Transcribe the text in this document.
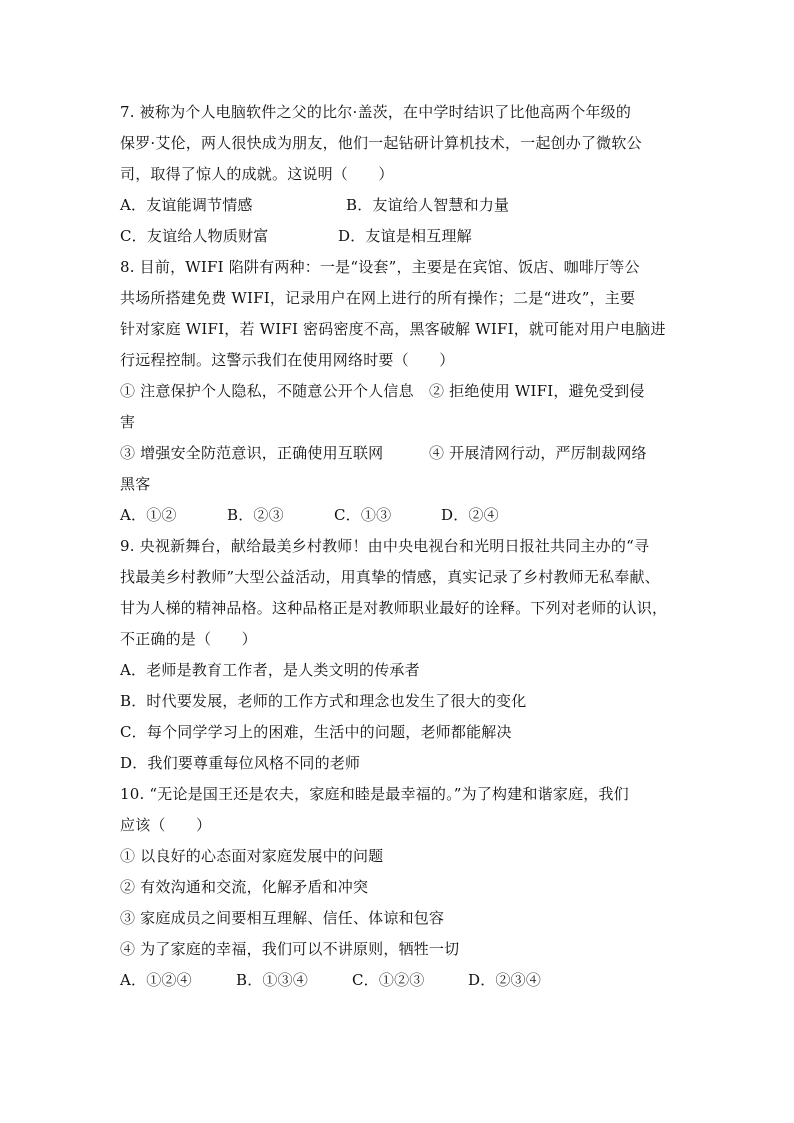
7. 被称为个人电脑软件之父的比尔·盖茨，在中学时结识了比他高两个年级的
保罗·艾伦，两人很快成为朋友，他们一起钻研计算机技术，一起创办了微软公
司，取得了惊人的成就。这说明（　　）
A．友谊能调节情感	B．友谊给人智慧和力量
C．友谊给人物质财富	D．友谊是相互理解
8. 目前，WIFI 陷阱有两种：一是“设套”，主要是在宾馆、饭店、咖啡厅等公
共场所搭建免费 WIFI，记录用户在网上进行的所有操作；二是“进攻”，主要
针对家庭 WIFI，若 WIFI 密码密度不高，黑客破解 WIFI，就可能对用户电脑进
行远程控制。这警示我们在使用网络时要（　　）
① 注意保护个人隐私，不随意公开个人信息　② 拒绝使用 WIFI，避免受到侵
害
③ 增强安全防范意识，正确使用互联网　　　④ 开展清网行动，严厉制裁网络
黑客
A．①②	B．②③	C．①③	D．②④
9. 央视新舞台，献给最美乡村教师！由中央电视台和光明日报社共同主办的“寻
找最美乡村教师”大型公益活动，用真挚的情感，真实记录了乡村教师无私奉献、
甘为人梯的精神品格。这种品格正是对教师职业最好的诠释。下列对老师的认识，
不正确的是（　　）
A．老师是教育工作者，是人类文明的传承者
B．时代要发展，老师的工作方式和理念也发生了很大的变化
C．每个同学学习上的困难，生活中的问题，老师都能解决
D．我们要尊重每位风格不同的老师
10. “无论是国王还是农夫，家庭和睦是最幸福的。”为了构建和谐家庭，我们
应该（　　）
① 以良好的心态面对家庭发展中的问题
② 有效沟通和交流，化解矛盾和冲突
③ 家庭成员之间要相互理解、信任、体谅和包容
④ 为了家庭的幸福，我们可以不讲原则，牺牲一切
A．①②④	B．①③④	C．①②③	D．②③④
